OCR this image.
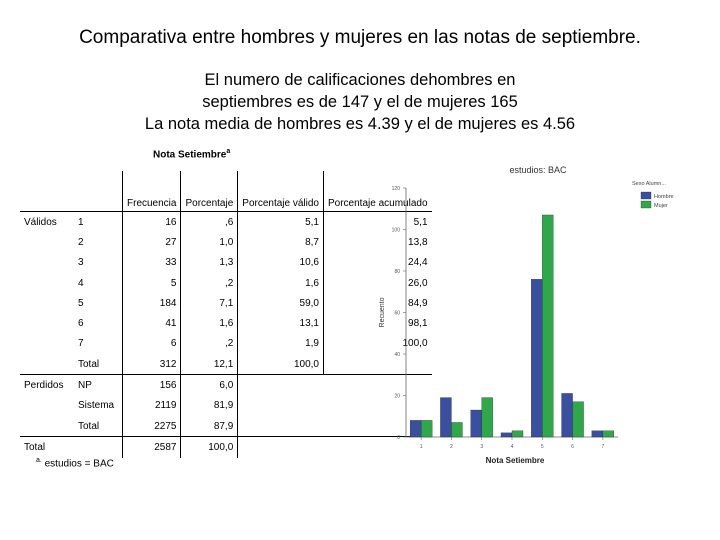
Comparativa entre hombres y mujeres en las notas de septiembre.
El numero de calificaciones dehombres en
septiembres es de 147 y el de mujeres 165
La nota media de hombres es 4.39 y el de mujeres es 4.56
Nota Setiembre$^a$
		Frecuencia	Porcentaje	Porcentaje válido	Porcentaje acumulado
Válidos	1	16	,6	5,1	5,1
	2	27	1,0	8,7	13,8
	3	33	1,3	10,6	24,4
	4	5	,2	1,6	26,0
	5	184	7,1	59,0	84,9
	6	41	1,6	13,1	98,1
	7	6	,2	1,9	100,0
	Total	312	12,1	100,0	
Perdidos	NP	156	6,0		
	Sistema	2119	81,9		
	Total	2275	87,9		
Total		2587	100,0		
$^{a.}$ estudios = BAC
estudios: BAC
0
20
40
60
80
100
120
Recuento
1	2	3	4	5	6	7
Nota Setiembre
Sexo Alumn...
Hombre
Mujer
